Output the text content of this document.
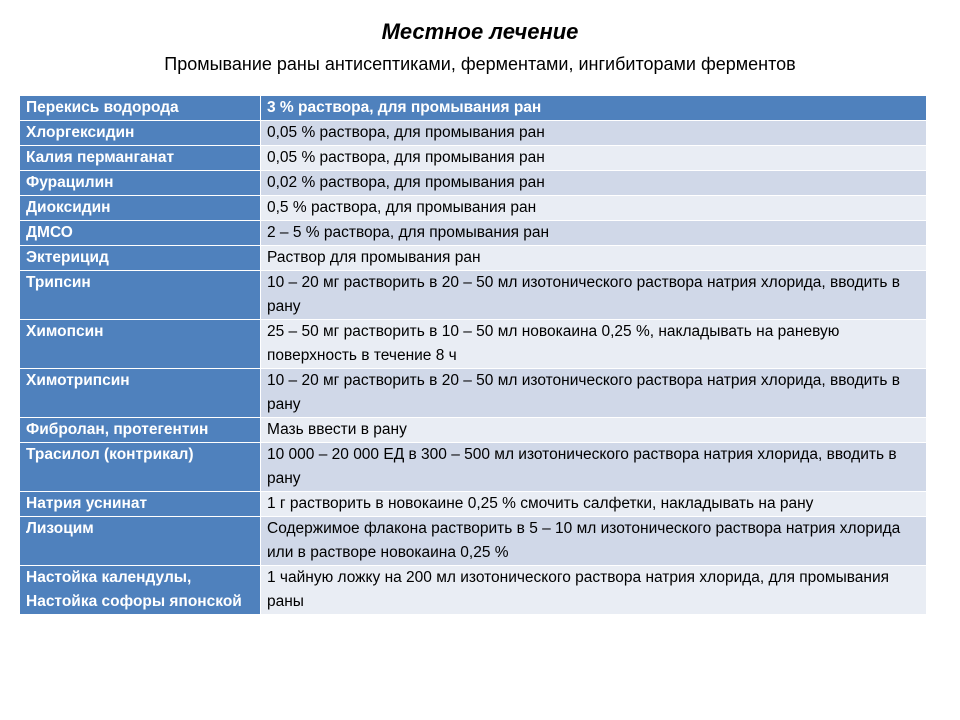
Местное лечение
Промывание раны антисептиками, ферментами, ингибиторами ферментов
Перекись водорода	3 % раствора, для промывания ран
Хлоргексидин	0,05 % раствора, для промывания ран
Калия перманганат	0,05 % раствора, для промывания ран
Фурацилин	0,02 % раствора, для промывания ран
Диоксидин	0,5 % раствора, для промывания ран
ДМСО	2 – 5 % раствора, для промывания ран
Эктерицид	Раствор для промывания ран
Трипсин	10 – 20 мг растворить в 20 – 50 мл изотонического раствора натрия хлорида, вводить в рану
Химопсин	25 – 50 мг растворить в 10 – 50 мл новокаина 0,25 %, накладывать на раневую поверхность в течение 8 ч
Химотрипсин	10 – 20 мг растворить в 20 – 50 мл изотонического раствора натрия хлорида, вводить в рану
Фибролан, протегентин	Мазь ввести в рану
Трасилол (контрикал)	10 000 – 20 000 ЕД в 300 – 500 мл изотонического раствора натрия хлорида, вводить в рану
Натрия уснинат	1 г растворить в новокаине 0,25 % смочить салфетки, накладывать на рану
Лизоцим	Содержимое флакона растворить в 5 – 10 мл изотонического раствора натрия хлорида или в растворе новокаина 0,25 %
Настойка календулы, Настойка софоры японской	1 чайную ложку на 200 мл изотонического раствора натрия хлорида, для промывания раны
